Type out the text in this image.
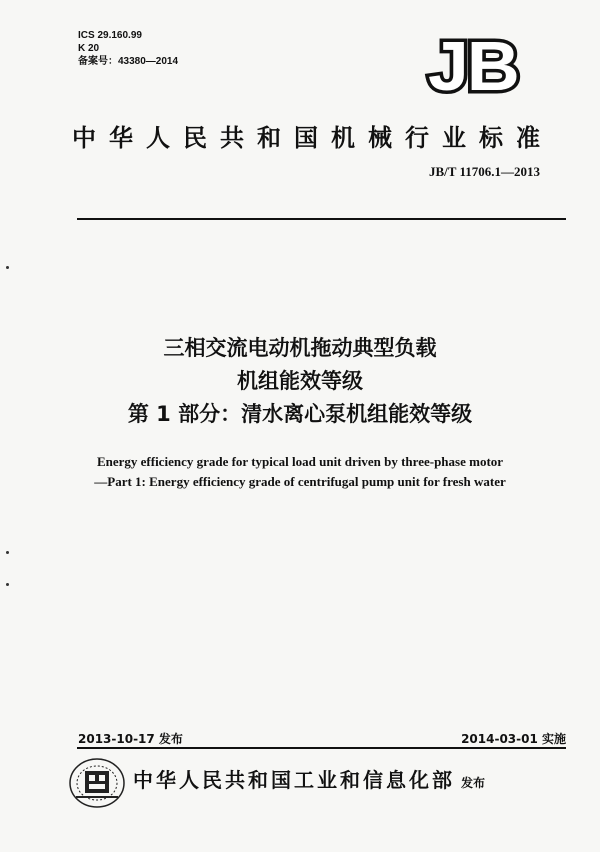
ICS 29.160.99
K 20
备案号：43380—2014	JB
中华人民共和国机械行业标准
JB/T 11706.1—2013
三相交流电动机拖动典型负载
机组能效等级
第 1 部分：清水离心泵机组能效等级
Energy efficiency grade for typical load unit driven by three-phase motor
—Part 1: Energy efficiency grade of centrifugal pump unit for fresh water
2013-10-17 发布	2014-03-01 实施
中华人民共和国工业和信息化部 发布
